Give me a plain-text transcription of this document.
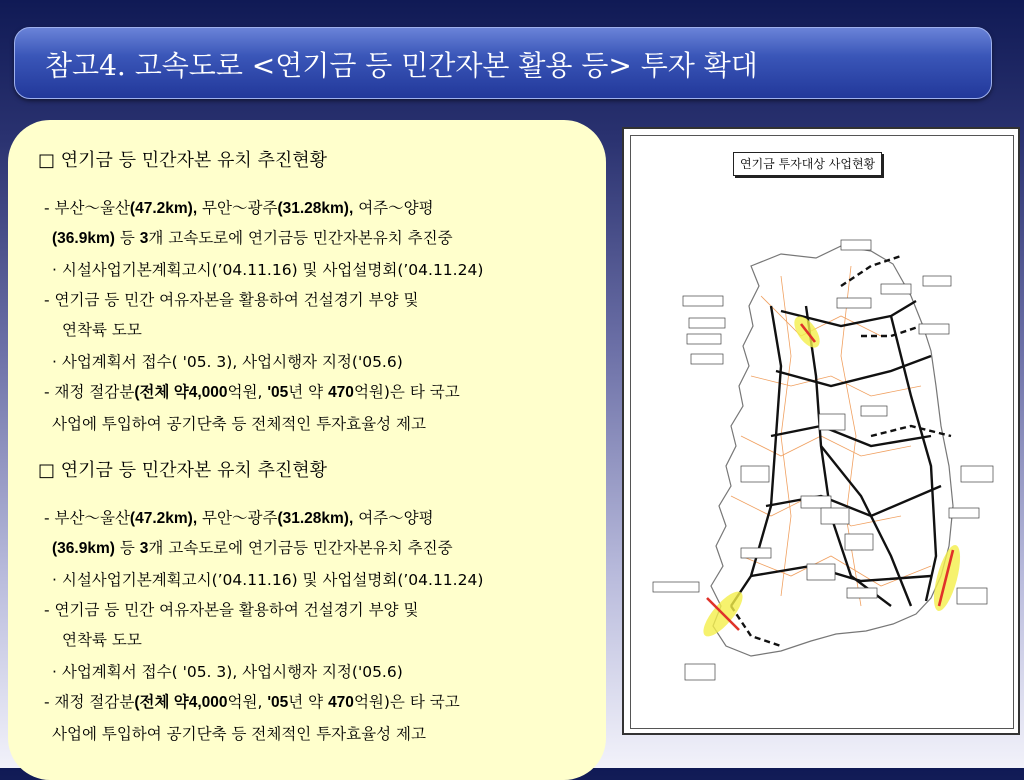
참고4. 고속도로 <연기금 등 민간자본 활용 등> 투자 확대
□ 연기금 등 민간자본 유치 추진현황
- 부산～울산(47.2km), 무안～광주(31.28km), 여주～양평
(36.9km) 등 3개 고속도로에 연기금등 민간자본유치 추진중
· 시설사업기본계획고시(’04.11.16) 및 사업설명회(’04.11.24)
- 연기금 등 민간 여유자본을 활용하여 건설경기 부양 및
연착륙 도모
· 사업계획서 접수( '05. 3), 사업시행자 지정('05.6)
- 재정 절감분(전체 약4,000억원, '05년 약 470억원)은 타 국고
사업에 투입하여 공기단축 등 전체적인 투자효율성 제고
□ 연기금 등 민간자본 유치 추진현황
- 부산～울산(47.2km), 무안～광주(31.28km), 여주～양평
(36.9km) 등 3개 고속도로에 연기금등 민간자본유치 추진중
· 시설사업기본계획고시(’04.11.16) 및 사업설명회(’04.11.24)
- 연기금 등 민간 여유자본을 활용하여 건설경기 부양 및
연착륙 도모
· 사업계획서 접수( '05. 3), 사업시행자 지정('05.6)
- 재정 절감분(전체 약4,000억원, '05년 약 470억원)은 타 국고
사업에 투입하여 공기단축 등 전체적인 투자효율성 제고
연기금 투자대상 사업현황
